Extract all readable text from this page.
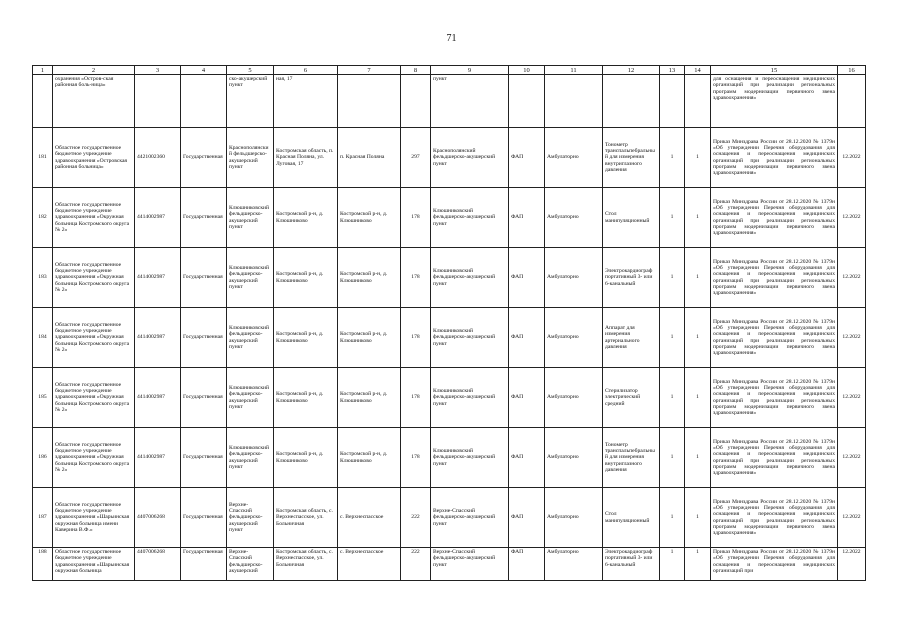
71
1	2	3	4	5	6	7	8	9	10	11	12	13	14	15	16
	охранения «Остров-ская районная боль-ница»			ско-акушерский пункт	ная, 17			пункт						для оснащения и переоснащения медицинских организаций при реализации региональных программ модернизации первичного звена здравоохранения»	
181	Областное государственное бюджетное учреждение здравоохранения «Островская районная больница»	4421002360	Государственная	Краснополянский фельдшерско-акушерский пункт	Костромская область, п. Красная Поляна, ул. Луговая, 17	п. Красная Поляна	297	Краснополянский фельдшерско-акушерский пункт	ФАП	Амбулаторно	Тонометр транспальпебральный для измерения внутриглазного давления	1	1	Приказ Минздрава России от 28.12.2020 № 1379н «Об утверждении Перечня оборудования для оснащения и переоснащения медицинских организаций при реализации региональных программ модернизации первичного звена здравоохранения»	12.2022
182	Областное государственное бюджетное учреждение здравоохранения «Окружная больница Костромского округа № 2»	4414002987	Государственная	Клюшниковский фельдшерско-акушерский пункт	Костромской р-н, д. Клюшниково	Костромской р-н, д. Клюшниково	178	Клюшниковский фельдшерско-акушерский пункт	ФАП	Амбулаторно	Стол манипуляционный	1	1	Приказ Минздрава России от 28.12.2020 № 1379н «Об утверждении Перечня оборудования для оснащения и переоснащения медицинских организаций при реализации региональных программ модернизации первичного звена здравоохранения»	12.2022
183	Областное государственное бюджетное учреждение здравоохранения «Окружная больница Костромского округа № 2»	4414002987	Государственная	Клюшниковский фельдшерско-акушерский пункт	Костромской р-н, д. Клюшниково	Костромской р-н, д. Клюшниково	178	Клюшниковский фельдшерско-акушерский пункт	ФАП	Амбулаторно	Электрокардиограф портативный 3- или 6-канальный	1	1	Приказ Минздрава России от 28.12.2020 № 1379н «Об утверждении Перечня оборудования для оснащения и переоснащения медицинских организаций при реализации региональных программ модернизации первичного звена здравоохранения»	12.2022
184	Областное государственное бюджетное учреждение здравоохранения «Окружная больница Костромского округа № 2»	4414002987	Государственная	Клюшниковский фельдшерско-акушерский пункт	Костромской р-н, д. Клюшниково	Костромской р-н, д. Клюшниково	178	Клюшниковский фельдшерско-акушерский пункт	ФАП	Амбулаторно	Аппарат для измерения артериального давления	1	1	Приказ Минздрава России от 28.12.2020 № 1379н «Об утверждении Перечня оборудования для оснащения и переоснащения медицинских организаций при реализации региональных программ модернизации первичного звена здравоохранения»	12.2022
185	Областное государственное бюджетное учреждение здравоохранения «Окружная больница Костромского округа № 2»	4414002987	Государственная	Клюшниковский фельдшерско-акушерский пункт	Костромской р-н, д. Клюшниково	Костромской р-н, д. Клюшниково	178	Клюшниковский фельдшерско-акушерский пункт	ФАП	Амбулаторно	Стерилизатор электрический средний	1	1	Приказ Минздрава России от 28.12.2020 № 1379н «Об утверждении Перечня оборудования для оснащения и переоснащения медицинских организаций при реализации региональных программ модернизации первичного звена здравоохранения»	12.2022
186	Областное государственное бюджетное учреждение здравоохранения «Окружная больница Костромского округа № 2»	4414002987	Государственная	Клюшниковский фельдшерско-акушерский пункт	Костромской р-н, д. Клюшниково	Костромской р-н, д. Клюшниково	178	Клюшниковский фельдшерско-акушерский пункт	ФАП	Амбулаторно	Тонометр транспальпебральный для измерения внутриглазного давления	1	1	Приказ Минздрава России от 28.12.2020 № 1379н «Об утверждении Перечня оборудования для оснащения и переоснащения медицинских организаций при реализации региональных программ модернизации первичного звена здравоохранения»	12.2022
187	Областное государственное бюджетное учреждение здравоохранения «Шарьинская окружная больница имени Каверина В.Ф.»	4407006268	Государственная	Верхне-Спасский фельдшерско-акушерский пункт	Костромская область, с. Верхнеспасское, ул. Больничная	с. Верхнеспасское	222	Верхне-Спасский фельдшерско-акушерский пункт	ФАП	Амбулаторно	Стол манипуляционный	1	1	Приказ Минздрава России от 28.12.2020 № 1379н «Об утверждении Перечня оборудования для оснащения и переоснащения медицинских организаций при реализации региональных программ модернизации первичного звена здравоохранения»	12.2022

188	Областное государственное бюджетное учреждение здравоохранения «Шарьинская окружная больница	4407006268	Государственная	Верхне-Спасский фельдшерско-акушерский	Костромская область, с. Верхнеспасское, ул. Больничная	с. Верхнеспасское	222	Верхне-Спасский фельдшерско-акушерский пункт	ФАП	Амбулаторно	Электрокардиограф портативный 3- или 6-канальный	1	1	Приказ Минздрава России от 28.12.2020 № 1379н «Об утверждении Перечня оборудования для оснащения и переоснащения медицинских организаций при	12.2022
